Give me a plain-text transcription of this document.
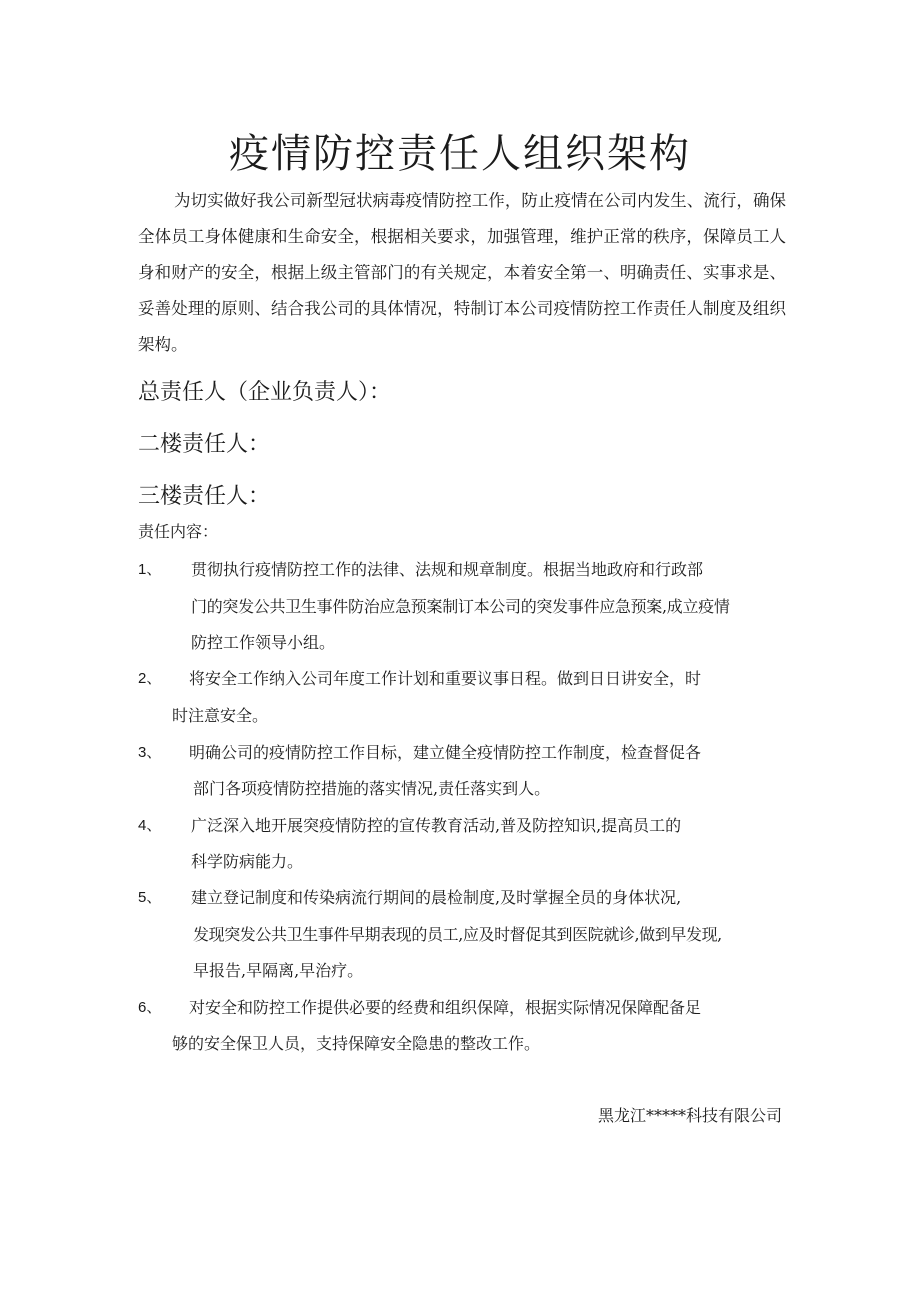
疫情防控责任人组织架构

为切实做好我公司新型冠状病毒疫情防控工作，防止疫情在公司内发生、流行，确保全体员工身体健康和生命安全，根据相关要求，加强管理，维护正常的秩序，保障员工人身和财产的安全，根据上级主管部门的有关规定，本着安全第一、明确责任、实事求是、妥善处理的原则、结合我公司的具体情况，特制订本公司疫情防控工作责任人制度及组织架构。

总责任人（企业负责人）：

二楼责任人：

三楼责任人：

责任内容：

1、 贯彻执行疫情防控工作的法律、法规和规章制度。根据当地政府和行政部
门的突发公共卫生事件防治应急预案制订本公司的突发事件应急预案,成立疫情
防控工作领导小组。
2、 将安全工作纳入公司年度工作计划和重要议事日程。做到日日讲安全，时
时注意安全。
3、 明确公司的疫情防控工作目标，建立健全疫情防控工作制度，检查督促各
部门各项疫情防控措施的落实情况,责任落实到人。
4、 广泛深入地开展突疫情防控的宣传教育活动,普及防控知识,提高员工的
科学防病能力。
5、 建立登记制度和传染病流行期间的晨检制度,及时掌握全员的身体状况,
发现突发公共卫生事件早期表现的员工,应及时督促其到医院就诊,做到早发现,
早报告,早隔离,早治疗。
6、 对安全和防控工作提供必要的经费和组织保障，根据实际情况保障配备足
够的安全保卫人员，支持保障安全隐患的整改工作。
黑龙江*****科技有限公司
